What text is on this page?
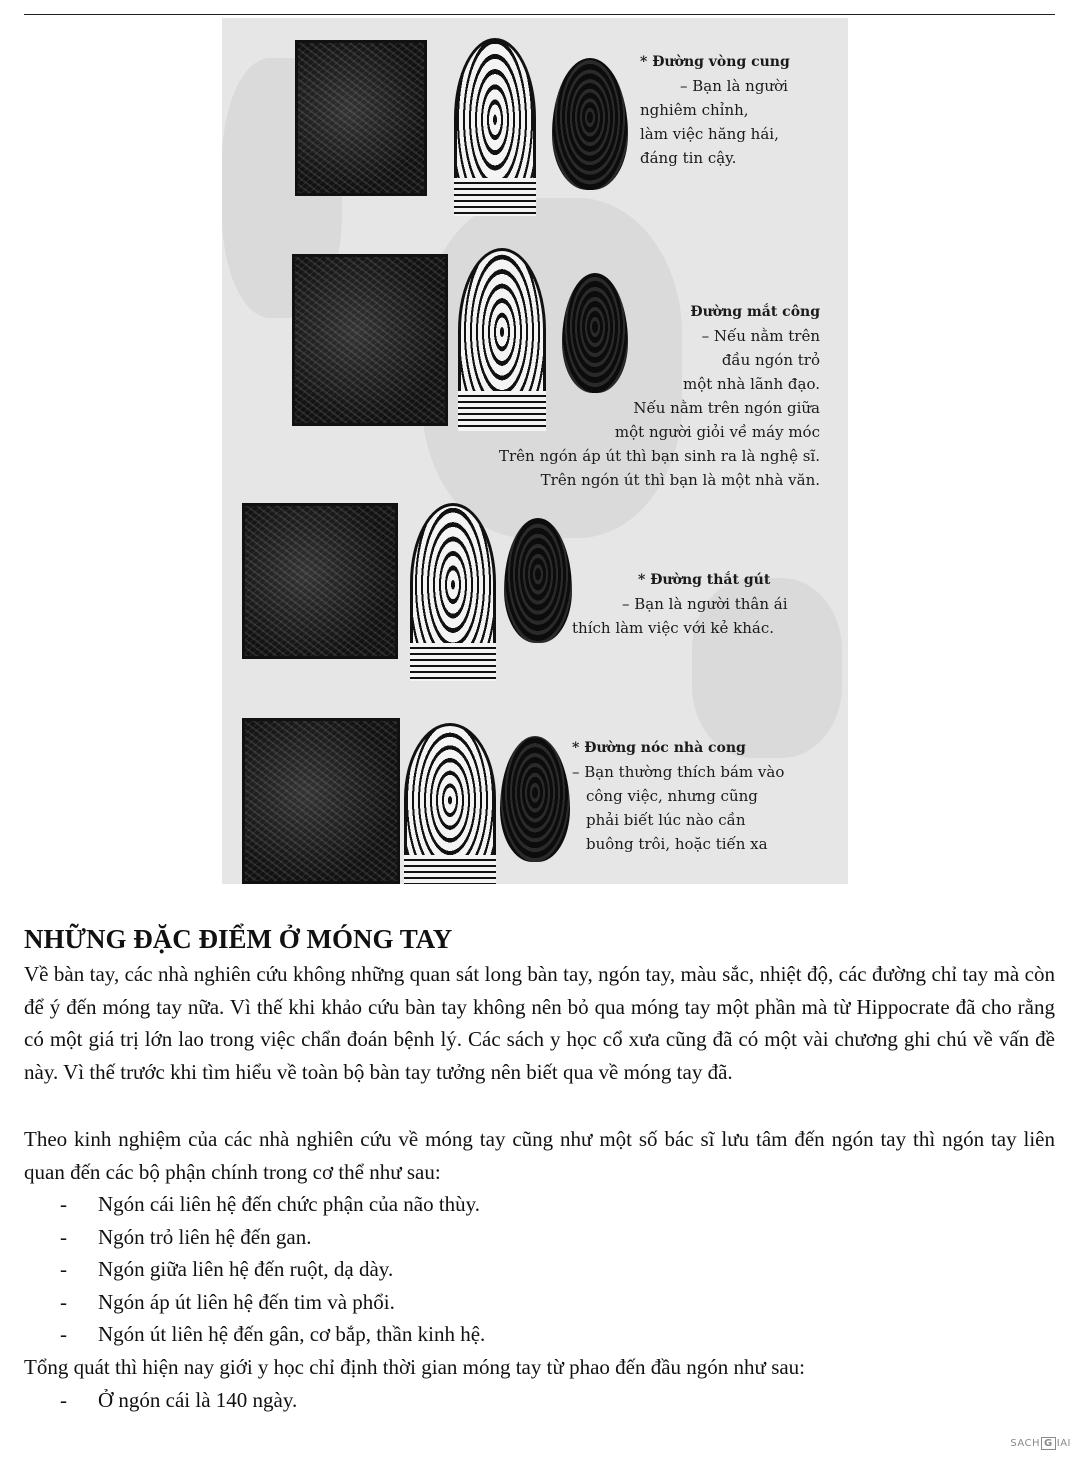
* Đường vòng cung
– Bạn là người
nghiêm chỉnh,
làm việc hăng hái,
đáng tin cậy.

Đường mắt công
– Nếu nằm trên
đầu ngón trỏ
một nhà lãnh đạo.
Nếu nằm trên ngón giữa
một người giỏi về máy móc
Trên ngón áp út thì bạn sinh ra là nghệ sĩ.
Trên ngón út thì bạn là một nhà văn.

* Đường thắt gút
– Bạn là người thân ái
thích làm việc với kẻ khác.

* Đường nóc nhà cong
– Bạn thường thích bám vào
công việc, nhưng cũng
phải biết lúc nào cần
buông trôi, hoặc tiến xa

NHỮNG ĐẶC ĐIỂM Ở MÓNG TAY

Về bàn tay, các nhà nghiên cứu không những quan sát long bàn tay, ngón tay, màu sắc, nhiệt độ, các đường chỉ tay mà còn để ý đến móng tay nữa. Vì thế khi khảo cứu bàn tay không nên bỏ qua móng tay một phần mà từ Hippocrate đã cho rằng có một giá trị lớn lao trong việc chẩn đoán bệnh lý. Các sách y học cổ xưa cũng đã có một vài chương ghi chú về vấn đề này. Vì thế trước khi tìm hiểu về toàn bộ bàn tay tưởng nên biết qua về móng tay đã.

Theo kinh nghiệm của các nhà nghiên cứu về móng tay cũng như một số bác sĩ lưu tâm đến ngón tay thì ngón tay liên quan đến các bộ phận chính trong cơ thể như sau:

- Ngón cái liên hệ đến chức phận của não thùy.
- Ngón trỏ liên hệ đến gan.
- Ngón giữa liên hệ đến ruột, dạ dày.
- Ngón áp út liên hệ đến tim và phổi.
- Ngón út liên hệ đến gân, cơ bắp, thần kinh hệ.

Tổng quát thì hiện nay giới y học chỉ định thời gian móng tay từ phao đến đầu ngón như sau:

- Ở ngón cái là 140 ngày.
SACH G IAI
